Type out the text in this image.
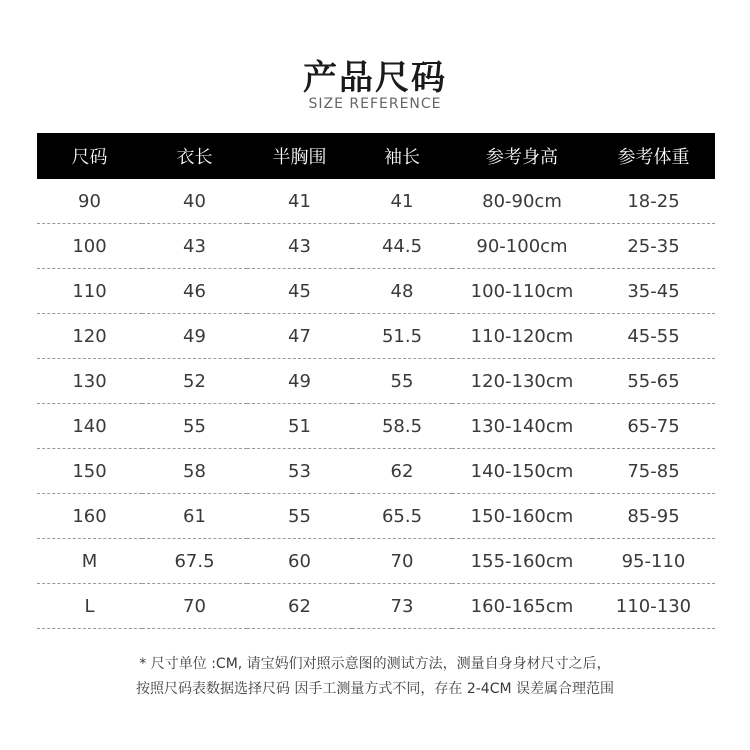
产品尺码
SIZE REFERENCE
尺码	衣长	半胸围	袖长	参考身高	参考体重
90	40	41	41	80-90cm	18-25
100	43	43	44.5	90-100cm	25-35
110	46	45	48	100-110cm	35-45
120	49	47	51.5	110-120cm	45-55
130	52	49	55	120-130cm	55-65
140	55	51	58.5	130-140cm	65-75
150	58	53	62	140-150cm	75-85
160	61	55	65.5	150-160cm	85-95
M	67.5	60	70	155-160cm	95-110
L	70	62	73	160-165cm	110-130
* 尺寸单位 :CM, 请宝妈们对照示意图的测试方法，测量自身身材尺寸之后，
按照尺码表数据选择尺码 因手工测量方式不同，存在 2-4CM 误差属合理范围
